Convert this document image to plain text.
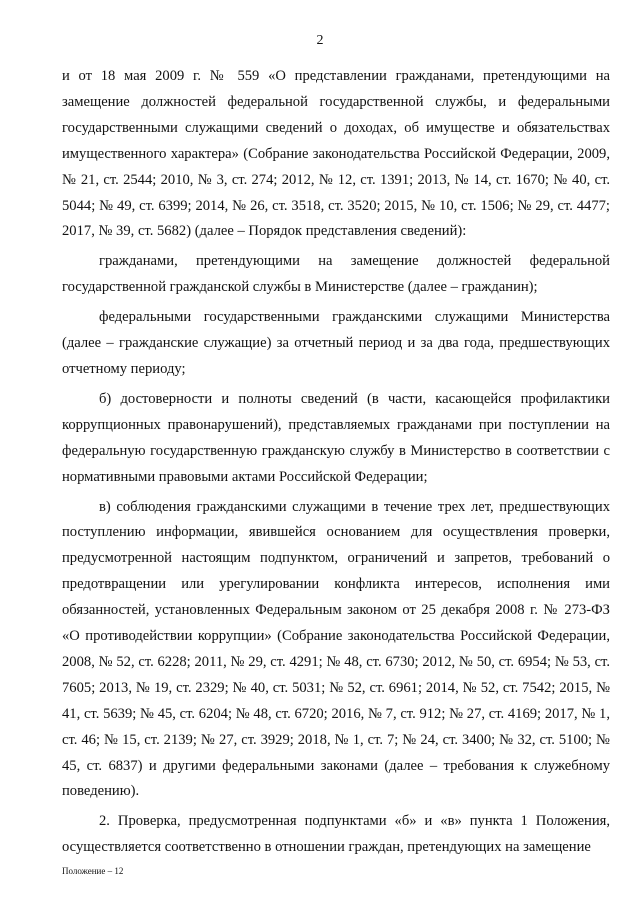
2

и от 18 мая 2009 г. № 559 «О представлении гражданами, претендующими на замещение должностей федеральной государственной службы, и федеральными государственными служащими сведений о доходах, об имуществе и обязательствах имущественного характера» (Собрание законодательства Российской Федерации, 2009, № 21, ст. 2544; 2010, № 3, ст. 274; 2012, № 12, ст. 1391; 2013, № 14, ст. 1670; № 40, ст. 5044; № 49, ст. 6399; 2014, № 26, ст. 3518, ст. 3520; 2015, № 10, ст. 1506; № 29, ст. 4477; 2017, № 39, ст. 5682) (далее – Порядок представления сведений):

гражданами, претендующими на замещение должностей федеральной государственной гражданской службы в Министерстве (далее – гражданин);

федеральными государственными гражданскими служащими Министерства (далее – гражданские служащие) за отчетный период и за два года, предшествующих отчетному периоду;

б) достоверности и полноты сведений (в части, касающейся профилактики коррупционных правонарушений), представляемых гражданами при поступлении на федеральную государственную гражданскую службу в Министерство в соответствии с нормативными правовыми актами Российской Федерации;

в) соблюдения гражданскими служащими в течение трех лет, предшествующих поступлению информации, явившейся основанием для осуществления проверки, предусмотренной настоящим подпунктом, ограничений и запретов, требований о предотвращении или урегулировании конфликта интересов, исполнения ими обязанностей, установленных Федеральным законом от 25 декабря 2008 г. № 273-ФЗ «О противодействии коррупции» (Собрание законодательства Российской Федерации, 2008, № 52, ст. 6228; 2011, № 29, ст. 4291; № 48, ст. 6730; 2012, № 50, ст. 6954; № 53, ст. 7605; 2013, № 19, ст. 2329; № 40, ст. 5031; № 52, ст. 6961; 2014, № 52, ст. 7542; 2015, № 41, ст. 5639; № 45, ст. 6204; № 48, ст. 6720; 2016, № 7, ст. 912; № 27, ст. 4169; 2017, № 1, ст. 46; № 15, ст. 2139; № 27, ст. 3929; 2018, № 1, ст. 7; № 24, ст. 3400; № 32, ст. 5100; № 45, ст. 6837) и другими федеральными законами (далее – требования к служебному поведению).

2. Проверка, предусмотренная подпунктами «б» и «в» пункта 1 Положения, осуществляется соответственно в отношении граждан, претендующих на замещение

Положение – 12
